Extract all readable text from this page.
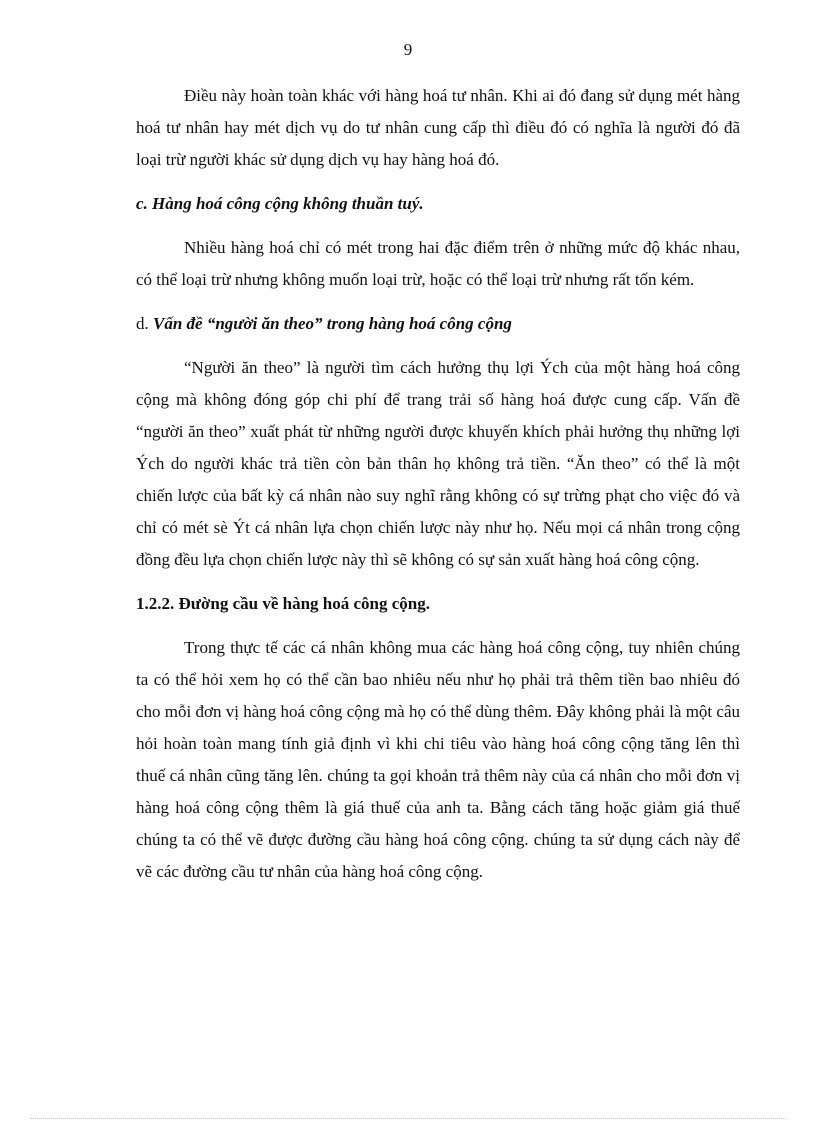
9

Điều này hoàn toàn khác với hàng hoá tư nhân. Khi ai đó đang sử dụng mét hàng hoá tư nhân hay mét dịch vụ do tư nhân cung cấp thì điều đó có nghĩa là người đó đã loại trừ người khác sử dụng dịch vụ hay hàng hoá đó.

c. Hàng hoá công cộng không thuần tuý.

Nhiều hàng hoá chỉ có mét trong hai đặc điểm trên ở những mức độ khác nhau, có thể loại trừ nhưng không muốn loại trừ, hoặc có thể loại trừ nhưng rất tốn kém.

d. Vấn đề “người ăn theo” trong hàng hoá công cộng

“Người ăn theo” là người tìm cách hưởng thụ lợi Ých của một hàng hoá công cộng mà không đóng góp chi phí để trang trải số hàng hoá được cung cấp. Vấn đề “người ăn theo” xuất phát từ những người được khuyến khích phải hưởng thụ những lợi Ých do người khác trả tiền còn bản thân họ không trả tiền. “Ăn theo” có thể là một chiến lược của bất kỳ cá nhân nào suy nghĩ rằng không có sự trừng phạt cho việc đó và chỉ có mét sè Ýt cá nhân lựa chọn chiến lược này như họ. Nếu mọi cá nhân trong cộng đồng đều lựa chọn chiến lược này thì sẽ không có sự sản xuất hàng hoá công cộng.

1.2.2. Đường cầu về hàng hoá công cộng.

Trong thực tế các cá nhân không mua các hàng hoá công cộng, tuy nhiên chúng ta có thể hỏi xem họ có thể cần bao nhiêu nếu như họ phải trả thêm tiền bao nhiêu đó cho mỗi đơn vị hàng hoá công cộng mà họ có thể dùng thêm. Đây không phải là một câu hỏi hoàn toàn mang tính giả định vì khi chi tiêu vào hàng hoá công cộng tăng lên thì thuế cá nhân cũng tăng lên. chúng ta gọi khoản trả thêm này của cá nhân cho mỗi đơn vị hàng hoá công cộng thêm là giá thuế của anh ta. Bằng cách tăng hoặc giảm giá thuế chúng ta có thể vẽ được đường cầu hàng hoá công cộng. chúng ta sử dụng cách này để vẽ các đường cầu tư nhân của hàng hoá công cộng.
